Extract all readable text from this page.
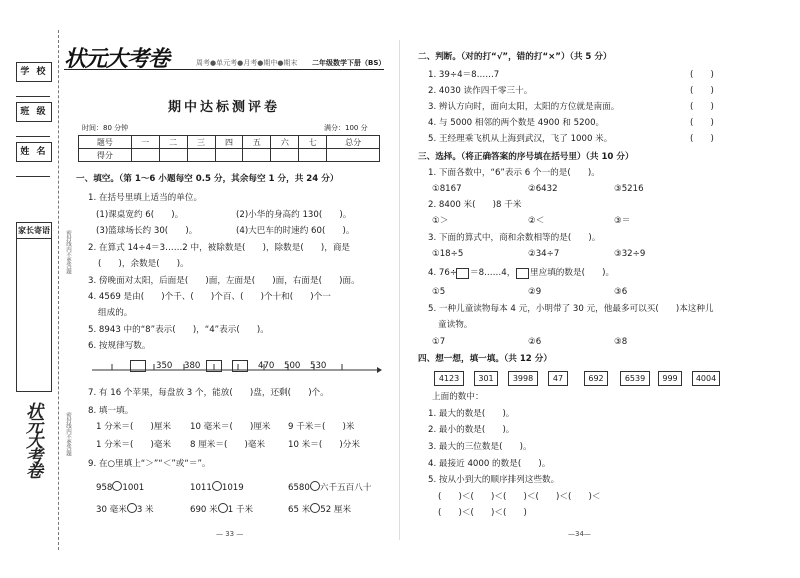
学 校
班 级
姓 名
家长寄语	密封线内不要答题
密封线内不要答题
状元大考卷
状元大考卷	周考●单元考●月考●期中●期末 二年级数学下册（BS）
期中达标测评卷
时间：80 分钟	满分：100 分
题号	一	二	三	四	五	六	七	总分
得分								
一、填空。（第 1～6 小题每空 0.5 分，其余每空 1 分，共 24 分）
1. 在括号里填上适当的单位。
(1)课桌宽约 6(　　)。	(2)小华的身高约 130(　　)。
(3)篮球场长约 30(　　)。	(4)大巴车的时速约 60(　　)。
2. 在算式 14÷4＝3……2 中，被除数是(　　)，除数是(　　)，商是
(　　)，余数是(　　)。
3. 傍晚面对太阳，后面是(　　)面，左面是(　　)面，右面是(　　)面。
4. 4569 是由(　　)个千、(　　)个百、(　　)个十和(　　)个一
组成的。
5. 8943 中的“8”表示(　　)，“4”表示(　　)。
6. 按规律写数。
350 380	470 500 530
7. 有 16 个苹果，每盘放 3 个，能放(　　)盘，还剩(　　)个。
8. 填一填。
1 分米＝(　　)厘米 10 毫米＝(　　)厘米 9 千米＝(　　)米
1 分米＝(　　)毫米 8 厘米＝(　　)毫米	10 米＝(　　)分米
9. 在○里填上“＞”“＜”或“＝”。
958 1001	1011 1019	6580 六千五百八十
30 毫米 3 米	690 米 1 千米	65 米 52 厘米
— 33 —
二、判断。（对的打“√”，错的打“×”）（共 5 分）
1. 39÷4＝8……7	(　　)
2. 4030 读作四千零三十。	(　　)
3. 辨认方向时，面向太阳，太阳的方位就是南面。	(　　)
4. 与 5000 相邻的两个数是 4900 和 5200。	(　　)
5. 王经理乘飞机从上海到武汉，飞了 1000 米。	(　　)
三、选择。（将正确答案的序号填在括号里）（共 10 分）
1. 下面各数中，“6”表示 6 个一的是(　　)。
①8167	②6432	③5216
2. 8400 米(　　)8 千米
①＞	②＜	③＝
3. 下面的算式中，商和余数相等的是(　　)。
①18÷5	②34÷7	③32÷9
4. 76÷ ＝8……4， 里应填的数是(　　)。
①5	②9	③6
5. 一种儿童读物每本 4 元，小明带了 30 元，他最多可以买(　　)本这种儿
童读物。
①7	②6	③8
四、想一想，填一填。（共 12 分）
4123	301	3998	47	692	6539	999	4004
上面的数中：
1. 最大的数是(　　)。
2. 最小的数是(　　)。
3. 最大的三位数是(　　)。
4. 最接近 4000 的数是(　　)。
5. 按从小到大的顺序排列这些数。
(　　)＜(　　)＜(　　)＜(　　)＜(　　)＜
(　　)＜(　　)＜(　　)
—34—
